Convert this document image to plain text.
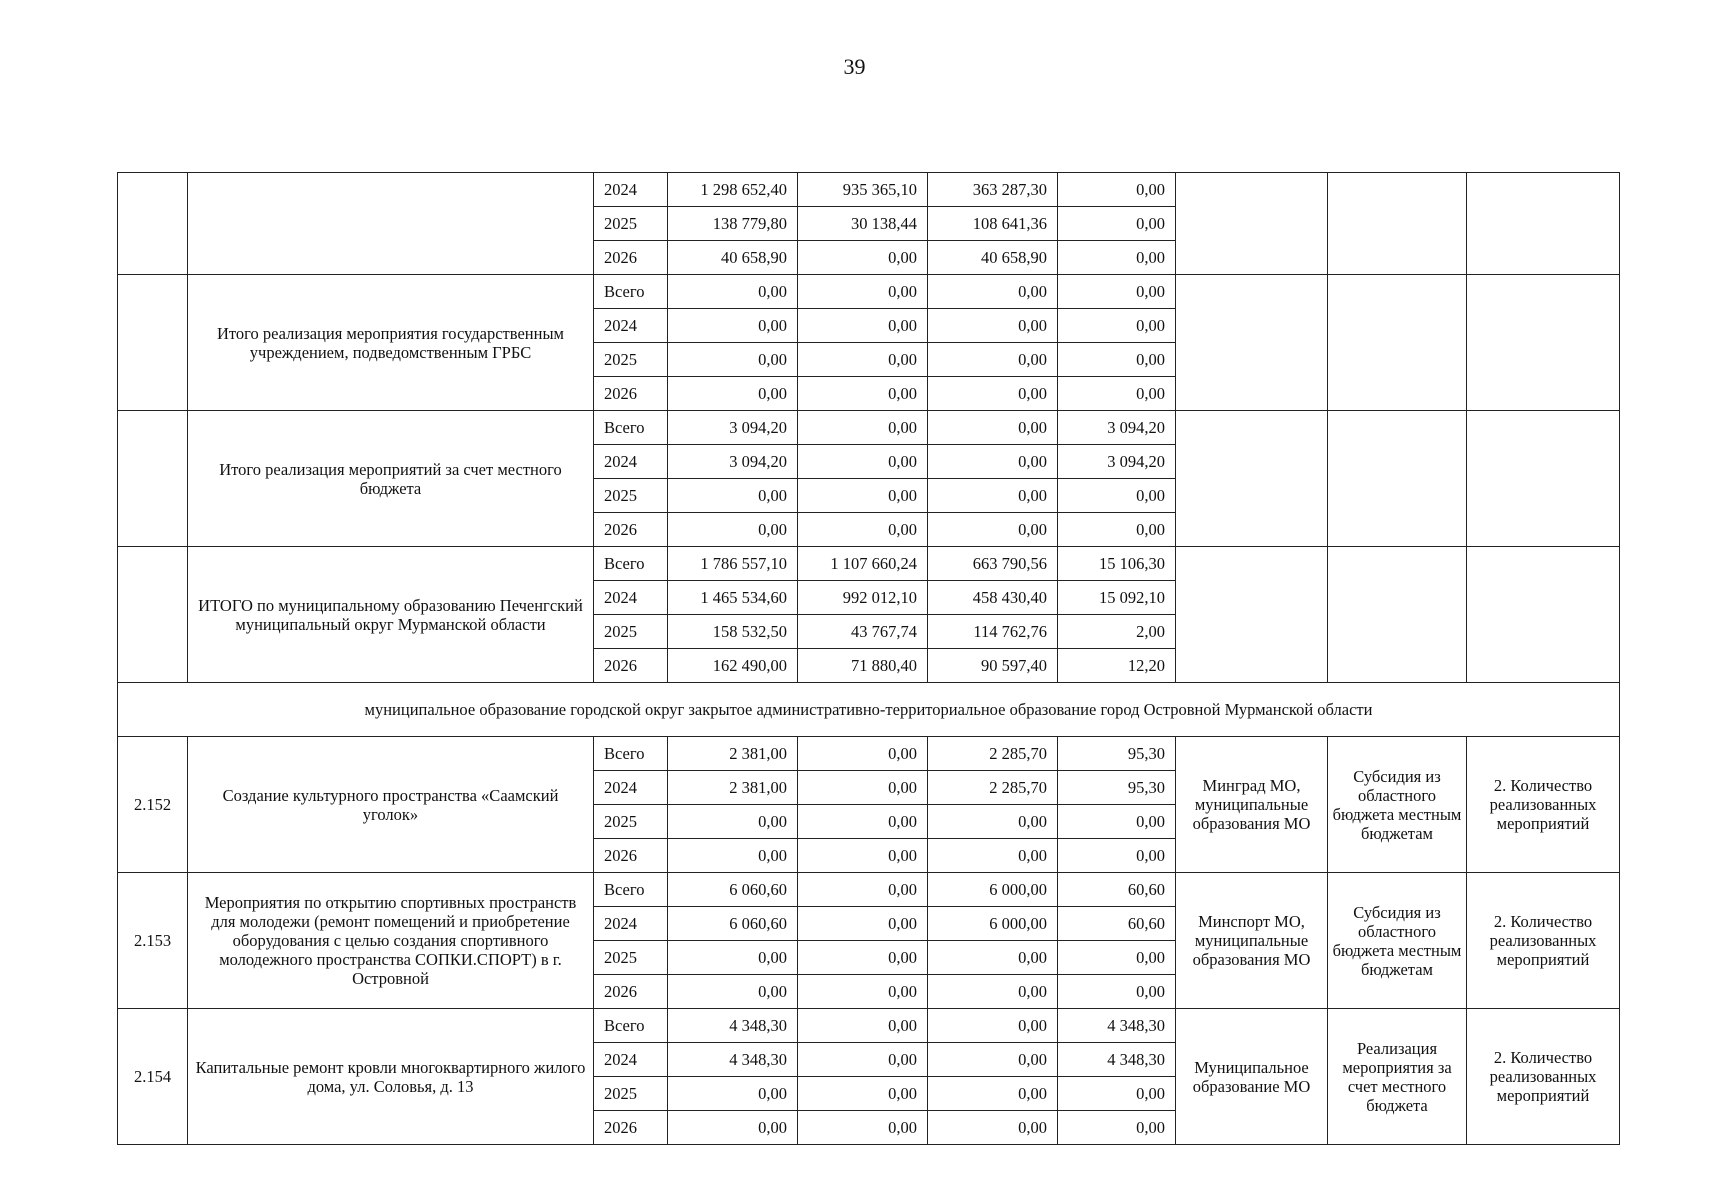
39
		2024	1 298 652,40	935 365,10	363 287,30	0,00			
		2025	138 779,80	30 138,44	108 641,36	0,00			
		2026	40 658,90	0,00	40 658,90	0,00			
	Итого реализация мероприятия государственным учреждением, подведомственным ГРБС	Всего	0,00	0,00	0,00	0,00			
		2024	0,00	0,00	0,00	0,00			
		2025	0,00	0,00	0,00	0,00			
		2026	0,00	0,00	0,00	0,00			
	Итого реализация мероприятий за счет местного бюджета	Всего	3 094,20	0,00	0,00	3 094,20			
		2024	3 094,20	0,00	0,00	3 094,20			
		2025	0,00	0,00	0,00	0,00			
		2026	0,00	0,00	0,00	0,00			
	ИТОГО по муниципальному образованию Печенгский муниципальный округ Мурманской области	Всего	1 786 557,10	1 107 660,24	663 790,56	15 106,30			
		2024	1 465 534,60	992 012,10	458 430,40	15 092,10			
		2025	158 532,50	43 767,74	114 762,76	2,00			
		2026	162 490,00	71 880,40	90 597,40	12,20			
муниципальное образование городской округ закрытое административно-территориальное образование город Островной Мурманской области									
2.152	Создание культурного пространства «Саамский уголок»	Всего	2 381,00	0,00	2 285,70	95,30	Минград МО, муниципальные образования МО	Субсидия из областного бюджета местным бюджетам	2. Количество реализованных мероприятий
		2024	2 381,00	0,00	2 285,70	95,30			
		2025	0,00	0,00	0,00	0,00			
		2026	0,00	0,00	0,00	0,00			
2.153	Мероприятия по открытию спортивных пространств для молодежи (ремонт помещений и приобретение оборудования с целью создания спортивного молодежного пространства СОПКИ.СПОРТ) в г. Островной	Всего	6 060,60	0,00	6 000,00	60,60	Минспорт МО, муниципальные образования МО	Субсидия из областного бюджета местным бюджетам	2. Количество реализованных мероприятий
		2024	6 060,60	0,00	6 000,00	60,60			
		2025	0,00	0,00	0,00	0,00			
		2026	0,00	0,00	0,00	0,00			
2.154	Капитальные ремонт кровли многоквартирного жилого дома, ул. Соловья, д. 13	Всего	4 348,30	0,00	0,00	4 348,30	Муниципальное образование МО	Реализация мероприятия за счет местного бюджета	2. Количество реализованных мероприятий
		2024	4 348,30	0,00	0,00	4 348,30			
		2025	0,00	0,00	0,00	0,00			
		2026	0,00	0,00	0,00	0,00			
